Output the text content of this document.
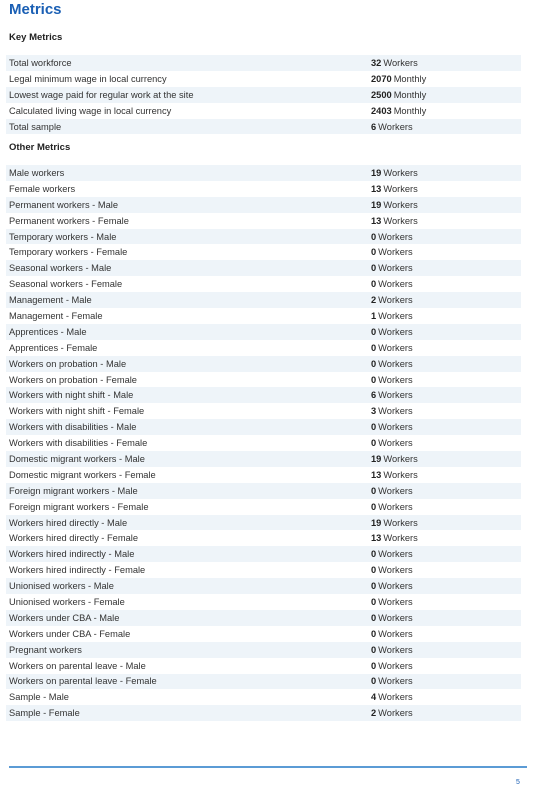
Metrics
Key Metrics
Total workforce	32 Workers
Legal minimum wage in local currency	2070 Monthly
Lowest wage paid for regular work at the site	2500 Monthly
Calculated living wage in local currency	2403 Monthly
Total sample	6 Workers
Other Metrics
Male workers	19 Workers
Female workers	13 Workers
Permanent workers - Male	19 Workers
Permanent workers - Female	13 Workers
Temporary workers - Male	0 Workers
Temporary workers - Female	0 Workers
Seasonal workers - Male	0 Workers
Seasonal workers - Female	0 Workers
Management - Male	2 Workers
Management - Female	1 Workers
Apprentices - Male	0 Workers
Apprentices - Female	0 Workers
Workers on probation - Male	0 Workers
Workers on probation - Female	0 Workers
Workers with night shift - Male	6 Workers
Workers with night shift - Female	3 Workers
Workers with disabilities - Male	0 Workers
Workers with disabilities - Female	0 Workers
Domestic migrant workers - Male	19 Workers
Domestic migrant workers - Female	13 Workers
Foreign migrant workers - Male	0 Workers
Foreign migrant workers - Female	0 Workers
Workers hired directly - Male	19 Workers
Workers hired directly - Female	13 Workers
Workers hired indirectly - Male	0 Workers
Workers hired indirectly - Female	0 Workers
Unionised workers - Male	0 Workers
Unionised workers - Female	0 Workers
Workers under CBA - Male	0 Workers
Workers under CBA - Female	0 Workers
Pregnant workers	0 Workers
Workers on parental leave - Male	0 Workers
Workers on parental leave - Female	0 Workers
Sample - Male	4 Workers
Sample - Female	2 Workers
5
